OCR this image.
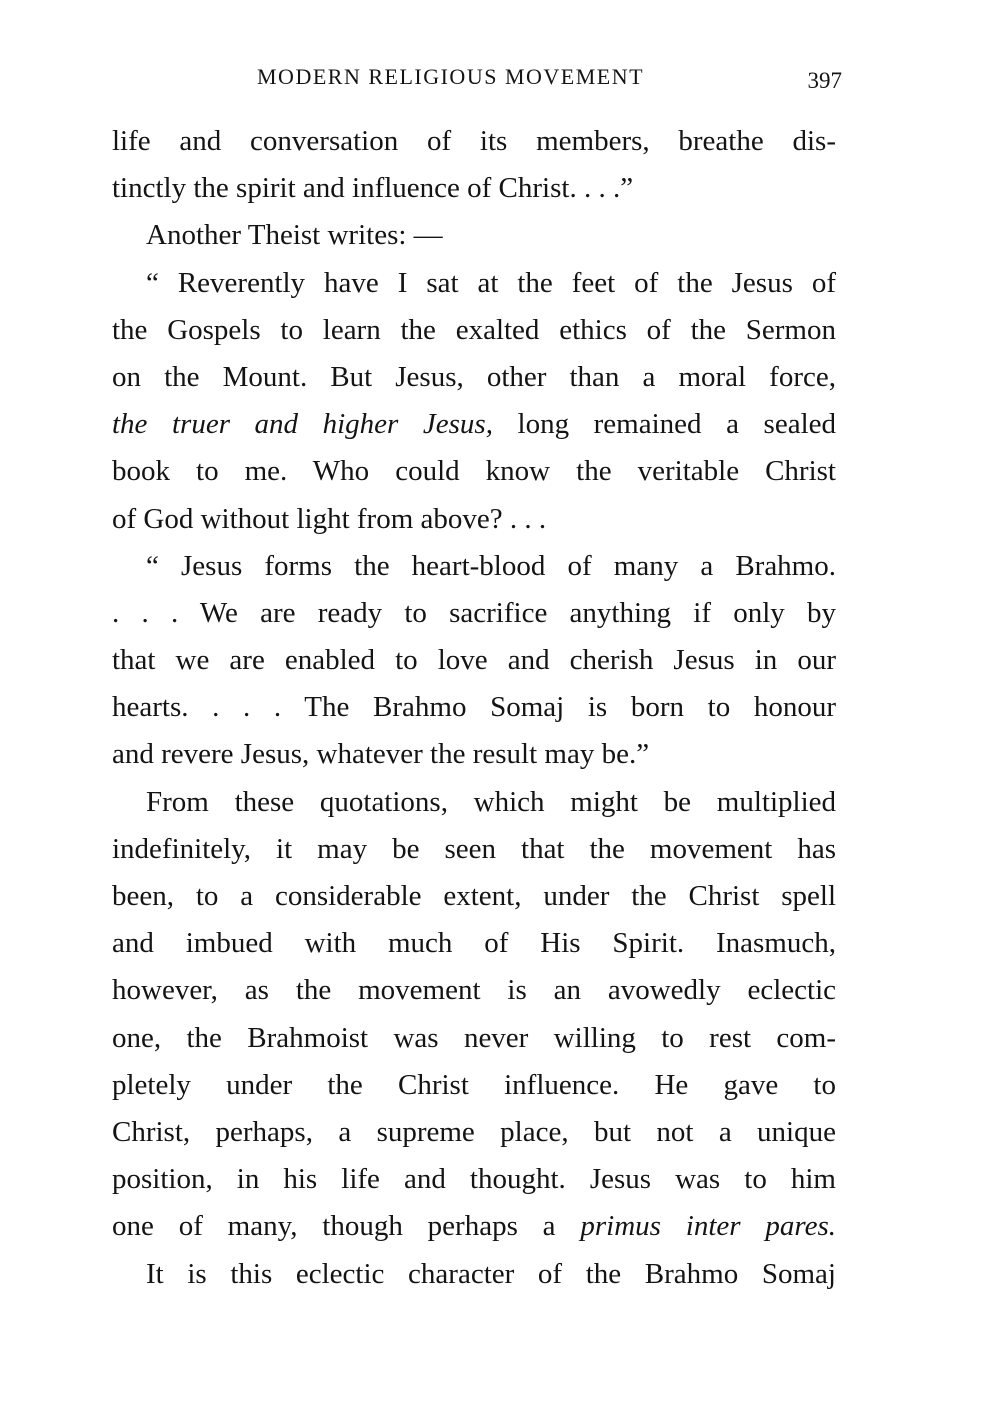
MODERN RELIGIOUS MOVEMENT	397
life and conversation of its members, breathe dis-
tinctly the spirit and influence of Christ. . . .”
Another Theist writes: —
“ Reverently have I sat at the feet of the Jesus of
the Gospels to learn the exalted ethics of the Sermon
on the Mount. But Jesus, other than a moral force,
the truer and higher Jesus, long remained a sealed
book to me. Who could know the veritable Christ
of God without light from above? . . .
“ Jesus forms the heart-blood of many a Brahmo.
. . . We are ready to sacrifice anything if only by
that we are enabled to love and cherish Jesus in our
hearts. . . . The Brahmo Somaj is born to honour
and revere Jesus, whatever the result may be.”
From these quotations, which might be multiplied
indefinitely, it may be seen that the movement has
been, to a considerable extent, under the Christ spell
and imbued with much of His Spirit. Inasmuch,
however, as the movement is an avowedly eclectic
one, the Brahmoist was never willing to rest com-
pletely under the Christ influence. He gave to
Christ, perhaps, a supreme place, but not a unique
position, in his life and thought. Jesus was to him
one of many, though perhaps a primus inter pares.
It is this eclectic character of the Brahmo Somaj
